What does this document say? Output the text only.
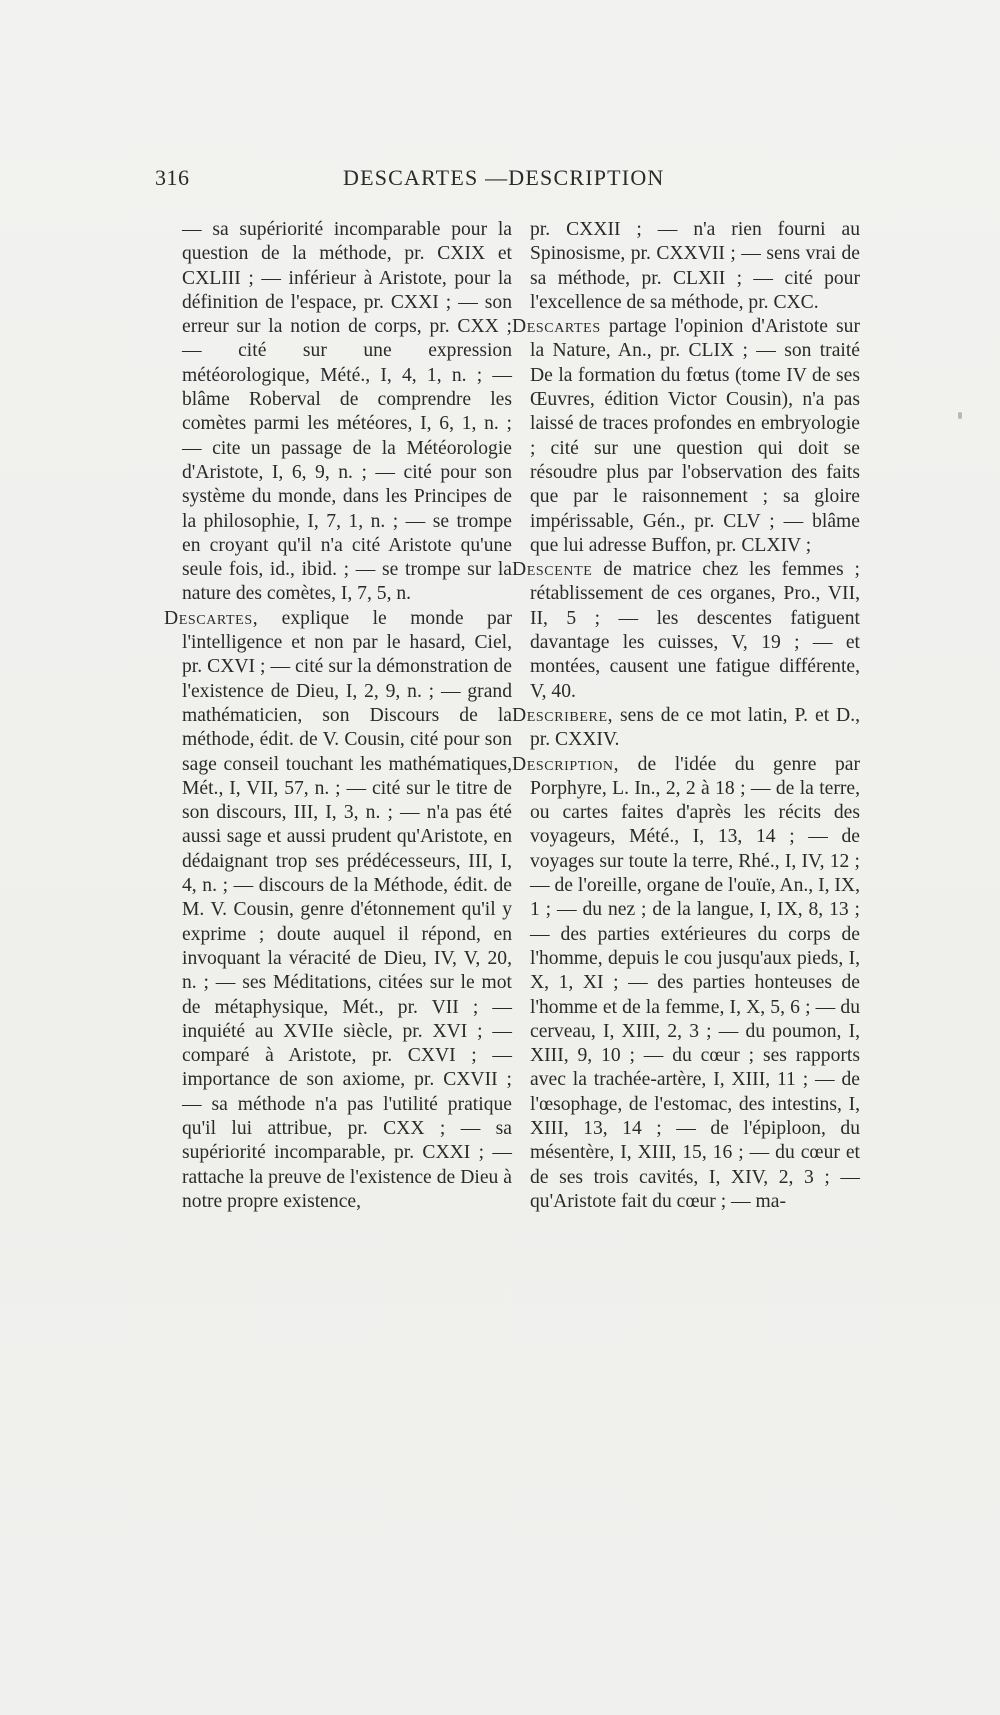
316	DESCARTES —DESCRIPTION

— sa supériorité incomparable pour la question de la méthode, pr. CXIX et CXLIII ; — inférieur à Aristote, pour la définition de l'espace, pr. CXXI ; — son erreur sur la notion de corps, pr. CXX ; — cité sur une expression météorologique, Mété., I, 4, 1, n. ; — blâme Roberval de comprendre les comètes parmi les météores, I, 6, 1, n. ; — cite un passage de la Météorologie d'Aristote, I, 6, 9, n. ; — cité pour son système du monde, dans les Principes de la philosophie, I, 7, 1, n. ; — se trompe en croyant qu'il n'a cité Aristote qu'une seule fois, id., ibid. ; — se trompe sur la nature des comètes, I, 7, 5, n.

Descartes, explique le monde par l'intelligence et non par le hasard, Ciel, pr. CXVI ; — cité sur la démonstration de l'existence de Dieu, I, 2, 9, n. ; — grand mathématicien, son Discours de la méthode, édit. de V. Cousin, cité pour son sage conseil touchant les mathématiques, Mét., I, VII, 57, n. ; — cité sur le titre de son discours, III, I, 3, n. ; — n'a pas été aussi sage et aussi prudent qu'Aristote, en dédaignant trop ses prédécesseurs, III, I, 4, n. ; — discours de la Méthode, édit. de M. V. Cousin, genre d'étonnement qu'il y exprime ; doute auquel il répond, en invoquant la véracité de Dieu, IV, V, 20, n. ; — ses Méditations, citées sur le mot de métaphysique, Mét., pr. VII ; — inquiété au XVIIe siècle, pr. XVI ; — comparé à Aristote, pr. CXVI ; — importance de son axiome, pr. CXVII ; — sa méthode n'a pas l'utilité pratique qu'il lui attribue, pr. CXX ; — sa supériorité incomparable, pr. CXXI ; — rattache la preuve de l'existence de Dieu à notre propre existence,

pr. CXXII ; — n'a rien fourni au Spinosisme, pr. CXXVII ; — sens vrai de sa méthode, pr. CLXII ; — cité pour l'excellence de sa méthode, pr. CXC.

Descartes partage l'opinion d'Aristote sur la Nature, An., pr. CLIX ; — son traité De la formation du fœtus (tome IV de ses Œuvres, édition Victor Cousin), n'a pas laissé de traces profondes en embryologie ; cité sur une question qui doit se résoudre plus par l'observation des faits que par le raisonnement ; sa gloire impérissable, Gén., pr. CLV ; — blâme que lui adresse Buffon, pr. CLXIV ;

Descente de matrice chez les femmes ; rétablissement de ces organes, Pro., VII, II, 5 ; — les descentes fatiguent davantage les cuisses, V, 19 ; — et montées, causent une fatigue différente, V, 40.

Describere, sens de ce mot latin, P. et D., pr. CXXIV.

Description, de l'idée du genre par Porphyre, L. In., 2, 2 à 18 ; — de la terre, ou cartes faites d'après les récits des voyageurs, Mété., I, 13, 14 ; — de voyages sur toute la terre, Rhé., I, IV, 12 ; — de l'oreille, organe de l'ouïe, An., I, IX, 1 ; — du nez ; de la langue, I, IX, 8, 13 ; — des parties extérieures du corps de l'homme, depuis le cou jusqu'aux pieds, I, X, 1, XI ; — des parties honteuses de l'homme et de la femme, I, X, 5, 6 ; — du cerveau, I, XIII, 2, 3 ; — du poumon, I, XIII, 9, 10 ; — du cœur ; ses rapports avec la trachée-artère, I, XIII, 11 ; — de l'œsophage, de l'estomac, des intestins, I, XIII, 13, 14 ; — de l'épiploon, du mésentère, I, XIII, 15, 16 ; — du cœur et de ses trois cavités, I, XIV, 2, 3 ; — qu'Aristote fait du cœur ; — ma-
